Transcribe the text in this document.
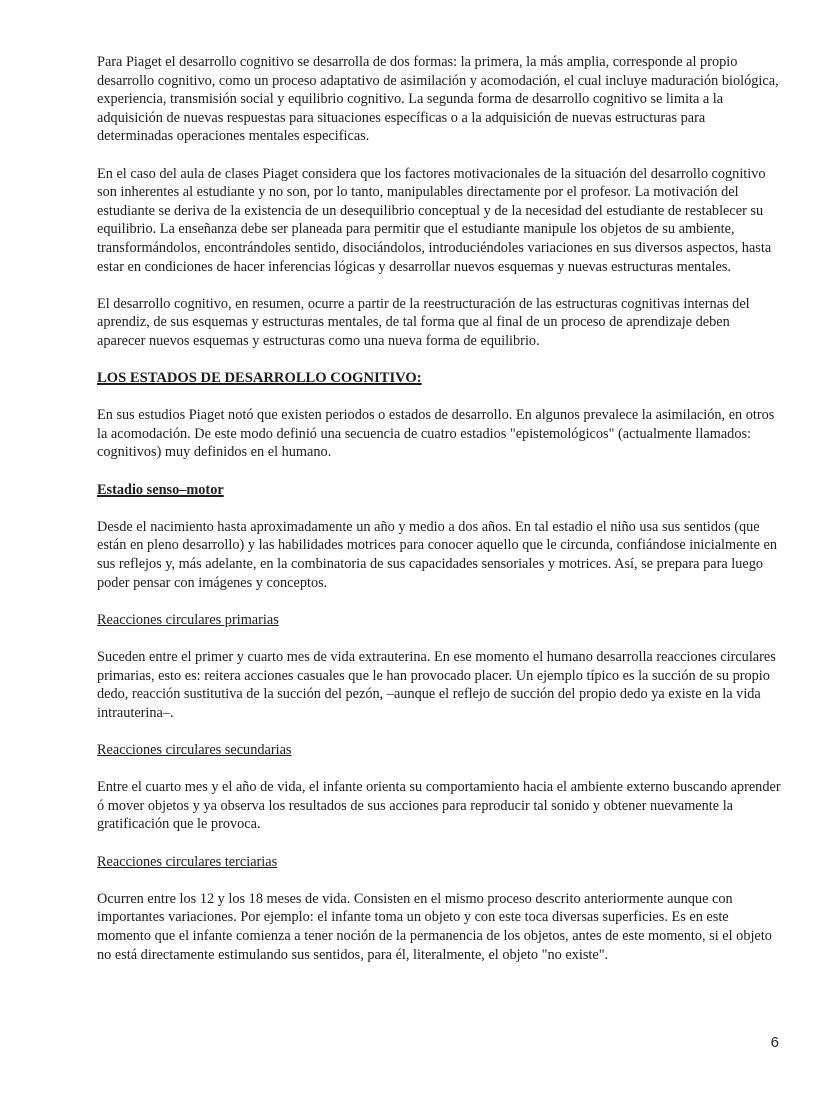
Para Piaget el desarrollo cognitivo se desarrolla de dos formas: la primera, la más amplia, corresponde al propio desarrollo cognitivo, como un proceso adaptativo de asimilación y acomodación, el cual incluye maduración biológica, experiencia, transmisión social y equilibrio cognitivo. La segunda forma de desarrollo cognitivo se limita a la adquisición de nuevas respuestas para situaciones específicas o a la adquisición de nuevas estructuras para determinadas operaciones mentales especificas.

En el caso del aula de clases Piaget considera que los factores motivacionales de la situación del desarrollo cognitivo son inherentes al estudiante y no son, por lo tanto, manipulables directamente por el profesor. La motivación del estudiante se deriva de la existencia de un desequilibrio conceptual y de la necesidad del estudiante de restablecer su equilibrio. La enseñanza debe ser planeada para permitir que el estudiante manipule los objetos de su ambiente, transformándolos, encontrándoles sentido, disociándolos, introduciéndoles variaciones en sus diversos aspectos, hasta estar en condiciones de hacer inferencias lógicas y desarrollar nuevos esquemas y nuevas estructuras mentales.

El desarrollo cognitivo, en resumen, ocurre a partir de la reestructuración de las estructuras cognitivas internas del aprendiz, de sus esquemas y estructuras mentales, de tal forma que al final de un proceso de aprendizaje deben aparecer nuevos esquemas y estructuras como una nueva forma de equilibrio.

LOS ESTADOS DE DESARROLLO COGNITIVO:

En sus estudios Piaget notó que existen periodos o estados de desarrollo. En algunos prevalece la asimilación, en otros la acomodación. De este modo definió una secuencia de cuatro estadios "epistemológicos" (actualmente llamados: cognitivos) muy definidos en el humano.

Estadio senso–motor

Desde el nacimiento hasta aproximadamente un año y medio a dos años. En tal estadio el niño usa sus sentidos (que están en pleno desarrollo) y las habilidades motrices para conocer aquello que le circunda, confiándose inicialmente en sus reflejos y, más adelante, en la combinatoria de sus capacidades sensoriales y motrices. Así, se prepara para luego poder pensar con imágenes y conceptos.

Reacciones circulares primarias

Suceden entre el primer y cuarto mes de vida extrauterina. En ese momento el humano desarrolla reacciones circulares primarias, esto es: reitera acciones casuales que le han provocado placer. Un ejemplo típico es la succión de su propio dedo, reacción sustitutiva de la succión del pezón, –aunque el reflejo de succión del propio dedo ya existe en la vida intrauterina–.

Reacciones circulares secundarias

Entre el cuarto mes y el año de vida, el infante orienta su comportamiento hacia el ambiente externo buscando aprender ó mover objetos y ya observa los resultados de sus acciones para reproducir tal sonido y obtener nuevamente la gratificación que le provoca.

Reacciones circulares terciarias

Ocurren entre los 12 y los 18 meses de vida. Consisten en el mismo proceso descrito anteriormente aunque con importantes variaciones. Por ejemplo: el infante toma un objeto y con este toca diversas superficies. Es en este momento que el infante comienza a tener noción de la permanencia de los objetos, antes de este momento, si el objeto no está directamente estimulando sus sentidos, para él, literalmente, el objeto "no existe".

6
